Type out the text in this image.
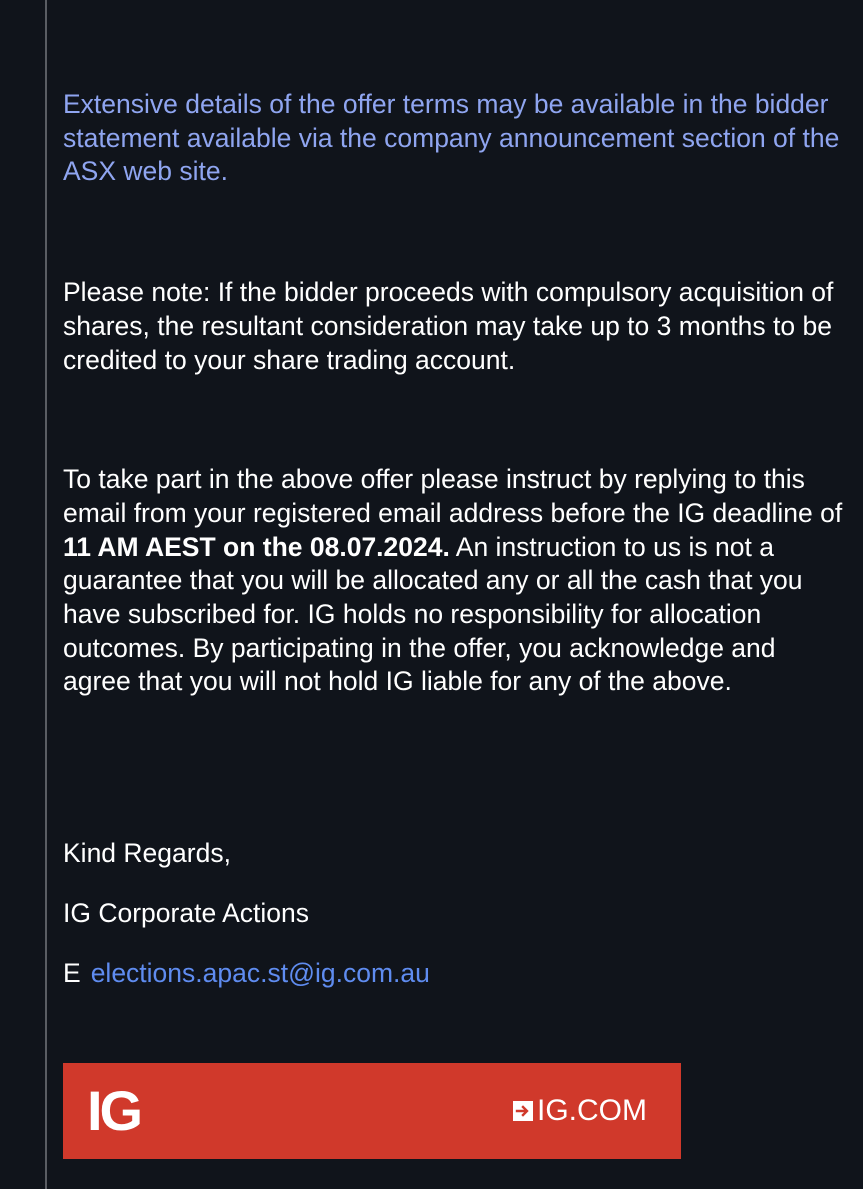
Extensive details of the offer terms may be available in the bidder statement available via the company announcement section of the ASX web site.

Please note: If the bidder proceeds with compulsory acquisition of shares, the resultant consideration may take up to 3 months to be credited to your share trading account.

To take part in the above offer please instruct by replying to this email from your registered email address before the IG deadline of 11 AM AEST on the 08.07.2024. An instruction to us is not a guarantee that you will be allocated any or all the cash that you have subscribed for. IG holds no responsibility for allocation outcomes. By participating in the offer, you acknowledge and agree that you will not hold IG liable for any of the above.

Kind Regards,

IG Corporate Actions

E elections.apac.st@ig.com.au
IG	IG.COM
